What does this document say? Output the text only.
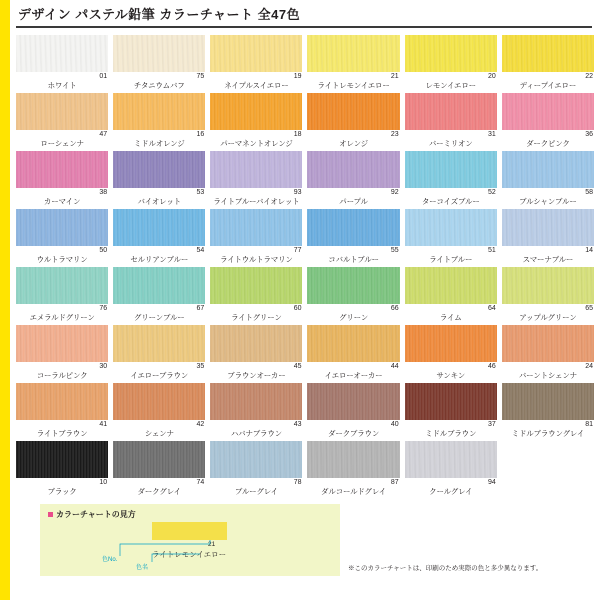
デザイン パステル鉛筆 カラーチャート 全47色
01
ホワイト
75
チタニウムバフ
19
ネイプルスイエロー
21
ライトレモンイエロー
20
レモンイエロー
22
ディープイエロー
47
ローシェンナ
16
ミドルオレンジ
18
パーマネントオレンジ
23
オレンジ
31
バーミリオン
36
ダークピンク
38
カーマイン
53
バイオレット
93
ライトブルーバイオレット
92
パープル
52
ターコイズブルー
58
ブルシャンブルー
50
ウルトラマリン
54
セルリアンブルー
77
ライトウルトラマリン
55
コバルトブルー
51
ライトブルー
14
スマーナブルー
76
エメラルドグリーン
67
グリーンブルー
60
ライトグリーン
66
グリーン
64
ライム
65
アップルグリーン
30
コーラルピンク
35
イエローブラウン
45
ブラウンオーカー
44
イエローオーカー
46
サンキン
24
バーントシェンナ
41
ライトブラウン
42
シェンナ
43
ハバナブラウン
40
ダークブラウン
37
ミドルブラウン
81
ミドルブラウングレイ
10
ブラック
74
ダークグレイ
78
ブルーグレイ
87
ダルコールドグレイ
94
クールグレイ
カラーチャートの見方
21
ライトレモンイエロー
色No.
色名	※このカラーチャートは、印刷のため実際の色と多少異なります。
